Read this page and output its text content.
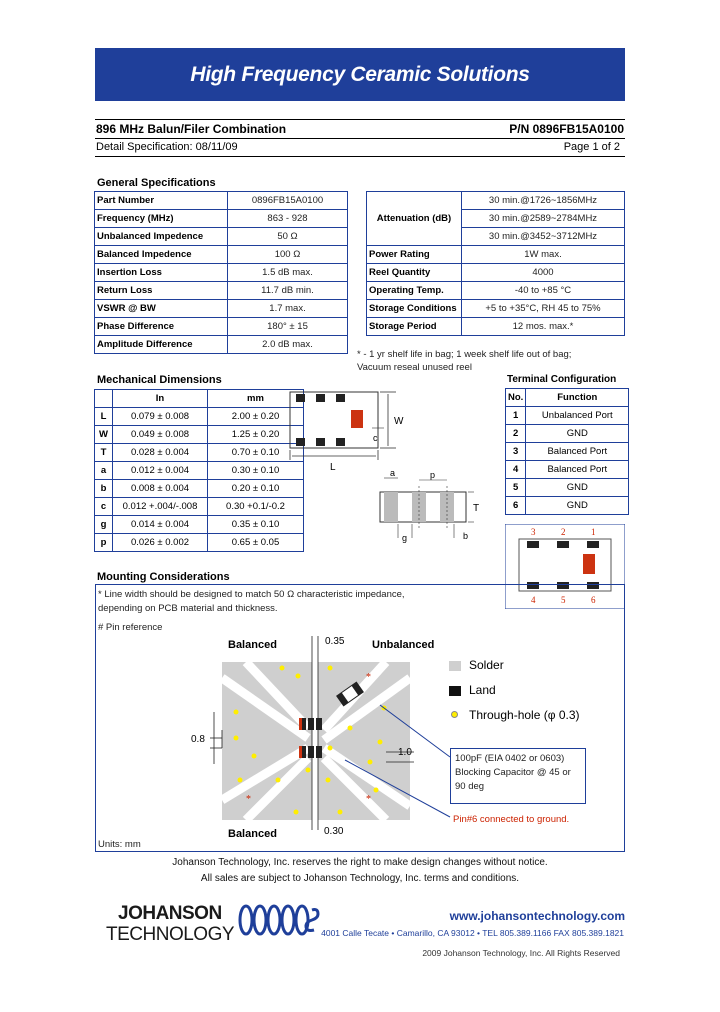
High Frequency Ceramic Solutions
896 MHz Balun/Filer Combination	P/N 0896FB15A0100
Detail Specification: 08/11/09	Page 1 of 2
General Specifications
Part Number	0896FB15A0100
Frequency (MHz)	863 - 928
Unbalanced Impedence	50 Ω
Balanced Impedence	100 Ω
Insertion Loss	1.5 dB max.
Return Loss	11.7 dB min.
VSWR @ BW	1.7 max.
Phase Difference	180° ± 15
Amplitude Difference	2.0 dB max.
Attenuation (dB)	30 min.@1726~1856MHz
	30 min.@2589~2784MHz
	30 min.@3452~3712MHz
Power Rating	1W max.
Reel Quantity	4000
Operating Temp.	-40 to +85 °C
Storage Conditions	+5 to +35°C, RH 45 to 75%
Storage Period	12 mos. max.*
* - 1 yr shelf life in bag; 1 week shelf life out of bag;
Vacuum reseal unused reel
Mechanical Dimensions
	In	mm
L	0.079 ± 0.008	2.00 ± 0.20
W	0.049 ± 0.008	1.25 ± 0.20
T	0.028 ± 0.004	0.70 ± 0.10
a	0.012 ± 0.004	0.30 ± 0.10
b	0.008 ± 0.004	0.20 ± 0.10
c	0.012 +.004/-.008	0.30 +0.1/-0.2
g	0.014 ± 0.004	0.35 ± 0.10
p	0.026 ± 0.002	0.65 ± 0.05
W
c
L	a	p
T
g	b
Terminal Configuration
No.	Function
1	Unbalanced Port
2	GND
3	Balanced Port
4	Balanced Port
5	GND
6	GND
3	2	1
4	5	6
Mounting Considerations
* Line width should be designed to match 50 Ω characteristic impedance,
depending on PCB material and thickness.
# Pin reference
*
*	*
Balanced	Unbalanced
Balanced
0.35
0.8
1.0
0.30
Solder
Land
Through-hole (φ 0.3)
100pF (EIA 0402 or 0603)
Blocking Capacitor @ 45 or
90 deg
Pin#6 connected to ground.
Units: mm
Johanson Technology, Inc. reserves the right to make design changes without notice.
All sales are subject to Johanson Technology, Inc. terms and conditions.
JOHANSON
TECHNOLOGY
www.johansontechnology.com
4001 Calle Tecate • Camarillo, CA 93012 • TEL 805.389.1166 FAX 805.389.1821
2009 Johanson Technology, Inc. All Rights Reserved
